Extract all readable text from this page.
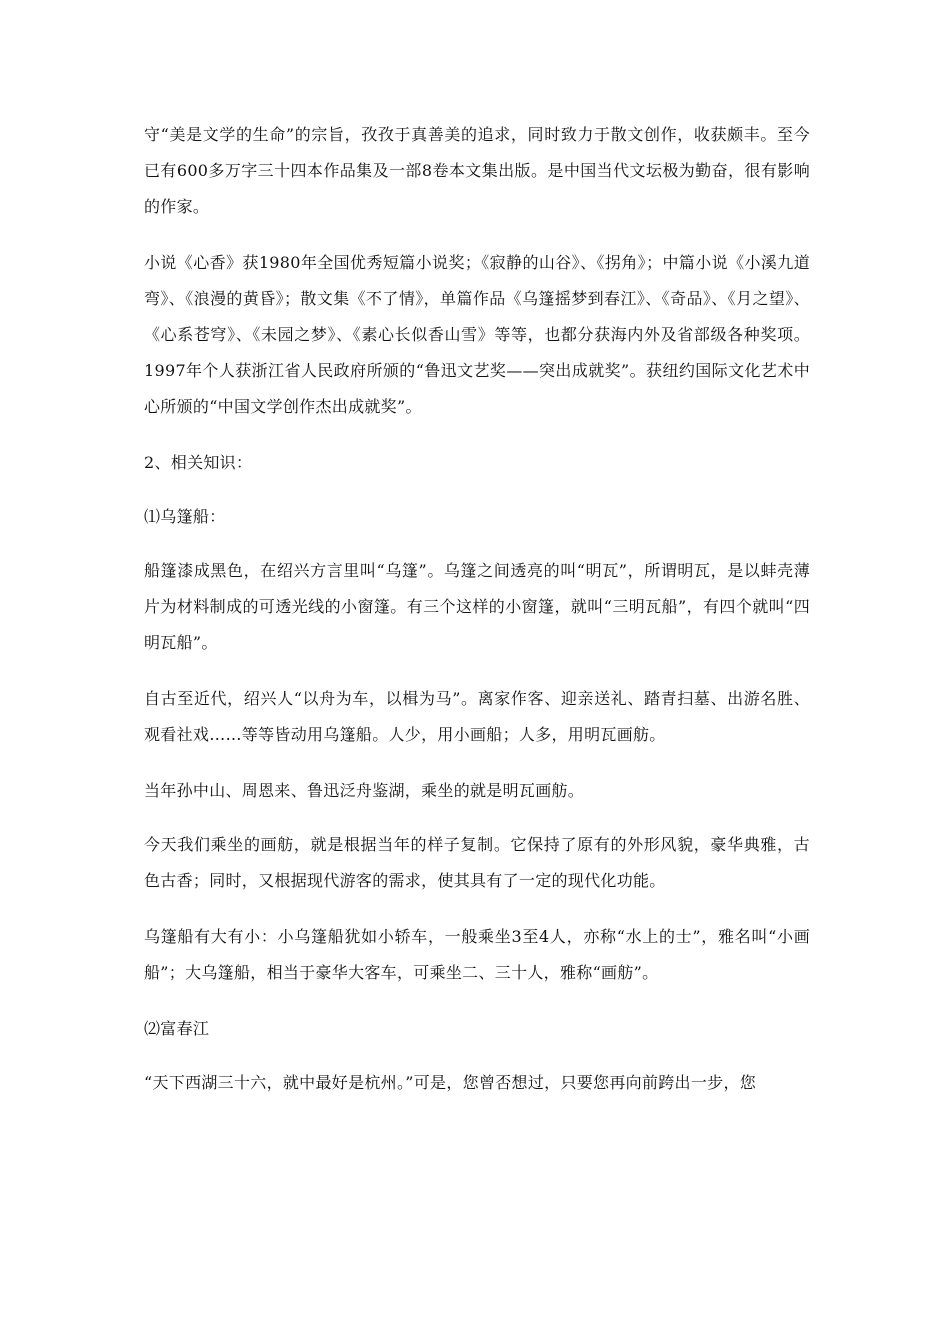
守“美是文学的生命”的宗旨，孜孜于真善美的追求，同时致力于散文创作，收获颇丰。至今已有600多万字三十四本作品集及一部8卷本文集出版。是中国当代文坛极为勤奋，很有影响的作家。

小说《心香》获1980年全国优秀短篇小说奖；《寂静的山谷》、《拐角》；中篇小说《小溪九道弯》、《浪漫的黄昏》；散文集《不了情》，单篇作品《乌篷摇梦到春江》、《奇品》、《月之望》、《心系苍穹》、《未园之梦》、《素心长似香山雪》等等，也都分获海内外及省部级各种奖项。1997年个人获浙江省人民政府所颁的“鲁迅文艺奖——突出成就奖”。获纽约国际文化艺术中心所颁的“中国文学创作杰出成就奖”。

2、相关知识：

⑴乌篷船：

船篷漆成黑色，在绍兴方言里叫“乌篷”。乌篷之间透亮的叫“明瓦”，所谓明瓦，是以蚌壳薄片为材料制成的可透光线的小窗篷。有三个这样的小窗篷，就叫“三明瓦船”，有四个就叫“四明瓦船”。

自古至近代，绍兴人“以舟为车，以楫为马”。离家作客、迎亲送礼、踏青扫墓、出游名胜、观看社戏……等等皆动用乌篷船。人少，用小画船；人多，用明瓦画舫。

当年孙中山、周恩来、鲁迅泛舟鉴湖，乘坐的就是明瓦画舫。

今天我们乘坐的画舫，就是根据当年的样子复制。它保持了原有的外形风貌，豪华典雅，古色古香；同时，又根据现代游客的需求，使其具有了一定的现代化功能。

乌篷船有大有小：小乌篷船犹如小轿车，一般乘坐3至4人，亦称“水上的士”，雅名叫“小画船”；大乌篷船，相当于豪华大客车，可乘坐二、三十人，雅称“画舫”。

⑵富春江

“天下西湖三十六，就中最好是杭州。”可是，您曾否想过，只要您再向前跨出一步，您
